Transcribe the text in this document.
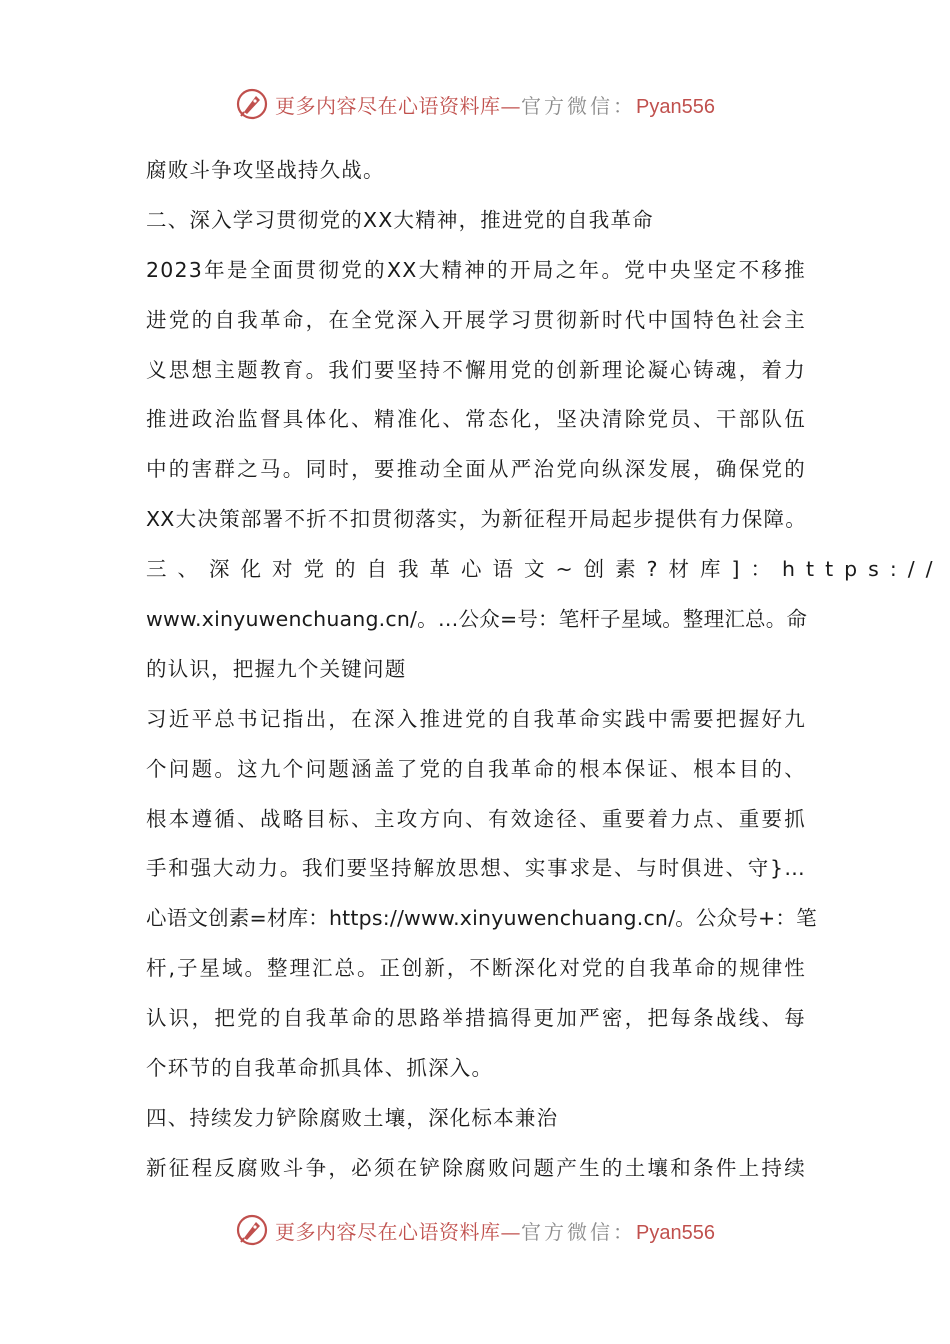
更多内容尽在心语资料库—官方微信：Pyan556
腐败斗争攻坚战持久战。
二、深入学习贯彻党的XX大精神，推进党的自我革命
2023年是全面贯彻党的XX大精神的开局之年。党中央坚定不移推
进党的自我革命，在全党深入开展学习贯彻新时代中国特色社会主
义思想主题教育。我们要坚持不懈用党的创新理论凝心铸魂，着力
推进政治监督具体化、精准化、常态化，坚决清除党员、干部队伍
中的害群之马。同时，要推动全面从严治党向纵深发展，确保党的
XX大决策部署不折不扣贯彻落实，为新征程开局起步提供有力保障。
三、深化对党的自我革心语文~创素?材库]：https://
www.xinyuwenchuang.cn/。…公众=号：笔杆子星域。整理汇总。命
的认识，把握九个关键问题
习近平总书记指出，在深入推进党的自我革命实践中需要把握好九
个问题。这九个问题涵盖了党的自我革命的根本保证、根本目的、
根本遵循、战略目标、主攻方向、有效途径、重要着力点、重要抓
手和强大动力。我们要坚持解放思想、实事求是、与时俱进、守}…
心语文创素=材库：https://www.xinyuwenchuang.cn/。公众号+：笔
杆,子星域。整理汇总。正创新，不断深化对党的自我革命的规律性
认识，把党的自我革命的思路举措搞得更加严密，把每条战线、每
个环节的自我革命抓具体、抓深入。
四、持续发力铲除腐败土壤，深化标本兼治
新征程反腐败斗争，必须在铲除腐败问题产生的土壤和条件上持续
更多内容尽在心语资料库—官方微信：Pyan556
